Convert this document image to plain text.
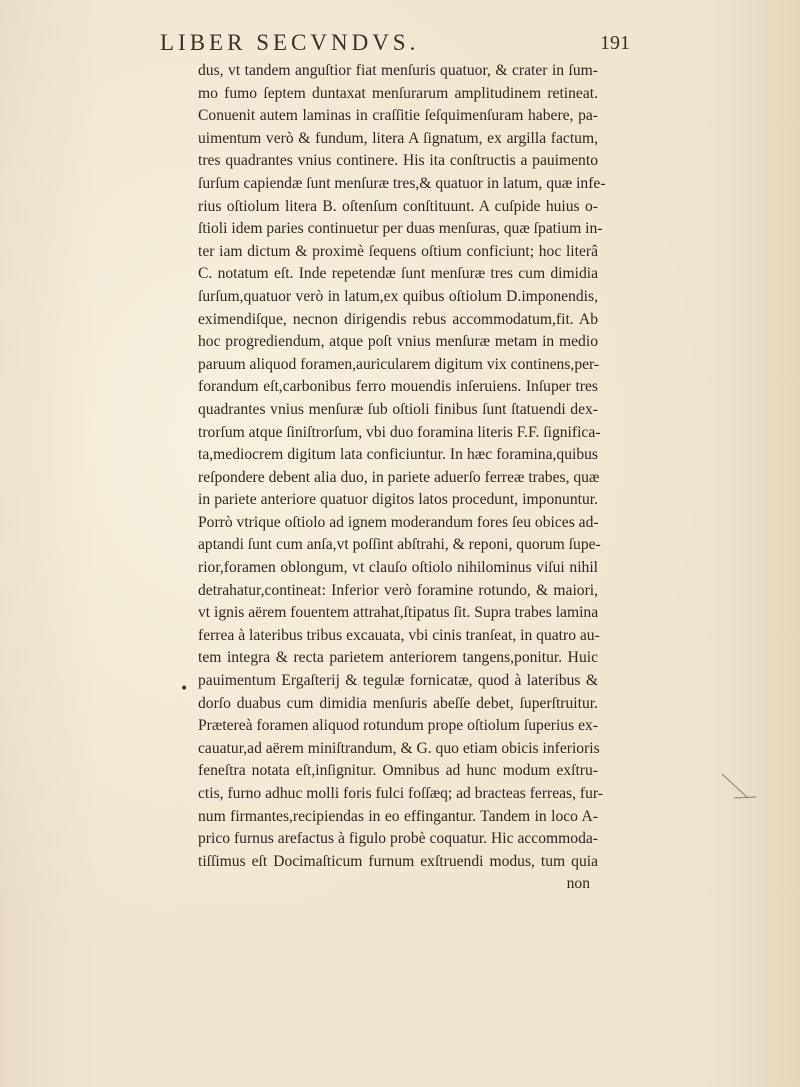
LIBER SECVNDVS.	191
dus, vt tandem anguſtior fiat menſuris quatuor, & crater in ſum-
mo fumo ſeptem duntaxat menſurarum amplitudinem retineat.
Conuenit autem laminas in craſſitie ſeſquimenſuram habere, pa-
uimentum verò & fundum, litera A ſignatum, ex argilla factum,
tres quadrantes vnius continere. His ita conſtructis a pauimento
ſurſum capiendæ ſunt menſuræ tres,& quatuor in latum, quæ infe-
rius oſtiolum litera B. oſtenſum conſtituunt. A cuſpide huius o-
ſtioli idem paries continuetur per duas menſuras, quæ ſpatium in-
ter iam dictum & proximè ſequens oſtium conficiunt; hoc literâ
C. notatum eſt. Inde repetendæ ſunt menſuræ tres cum dimidia
ſurſum,quatuor verò in latum,ex quibus oſtiolum D.imponendis,
eximendiſque, necnon dirigendis rebus accommodatum,fit. Ab
hoc progrediendum, atque poſt vnius menſuræ metam in medio
paruum aliquod foramen,auricularem digitum vix continens,per-
forandum eſt,carbonibus ferro mouendis inſeruiens. Inſuper tres
quadrantes vnius menſuræ ſub oſtioli finibus ſunt ſtatuendi dex-
trorſum atque ſiniſtrorſum, vbi duo foramina literis F.F. ſignifica-
ta,mediocrem digitum lata conficiuntur. In hæc foramina,quibus
reſpondere debent alia duo, in pariete aduerſo ferreæ trabes, quæ
in pariete anteriore quatuor digitos latos procedunt, imponuntur.
Porrò vtrique oſtiolo ad ignem moderandum fores ſeu obices ad-
aptandi ſunt cum anſa,vt poſſint abſtrahi, & reponi, quorum ſupe-
rior,foramen oblongum, vt clauſo oſtiolo nihilominus viſui nihil
detrahatur,contineat: Inferior verò foramine rotundo, & maiori,
vt ignis aërem fouentem attrahat,ſtipatus ſit. Supra trabes lamina
ferrea à lateribus tribus excauata, vbi cinis tranſeat, in quatro au-
tem integra & recta parietem anteriorem tangens,ponitur. Huic
pauimentum Ergaſterij & tegulæ fornicatæ, quod à lateribus &
dorſo duabus cum dimidia menſuris abeſſe debet, ſuperſtruitur.
Prætereà foramen aliquod rotundum prope oſtiolum ſuperius ex-
cauatur,ad aërem miniſtrandum, & G. quo etiam obicis inferioris
feneſtra notata eſt,inſignitur. Omnibus ad hunc modum exſtru-
ctis, furno adhuc molli foris fulci foſſæq; ad bracteas ferreas, fur-
num firmantes,recipiendas in eo effingantur. Tandem in loco A-
prico furnus arefactus à figulo probè coquatur. Hic accommoda-
tiſſimus eſt Docimaſticum furnum exſtruendi modus, tum quia
non
•
